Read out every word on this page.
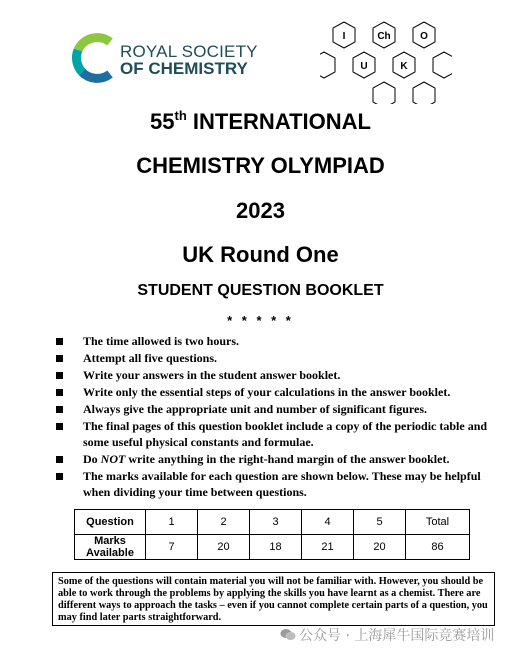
ROYAL SOCIETY
OF CHEMISTRY
I	Ch	O
U	K
55th INTERNATIONAL
CHEMISTRY OLYMPIAD
2023
UK Round One
STUDENT QUESTION BOOKLET
* * * * *
The time allowed is two hours.
Attempt all five questions.
Write your answers in the student answer booklet.
Write only the essential steps of your calculations in the answer booklet.
Always give the appropriate unit and number of significant figures.
The final pages of this question booklet include a copy of the periodic table and some useful physical constants and formulae.
Do NOT write anything in the right-hand margin of the answer booklet.
The marks available for each question are shown below. These may be helpful when dividing your time between questions.
Question	1	2	3	4	5	Total
Marks
Available	7	20	18	21	20	86
Some of the questions will contain material you will not be familiar with. However, you should be able to work through the problems by applying the skills you have learnt as a chemist. There are different ways to approach the tasks – even if you cannot complete certain parts of a question, you may find later parts straightforward.
公众号 · 上海犀牛国际竞赛培训
